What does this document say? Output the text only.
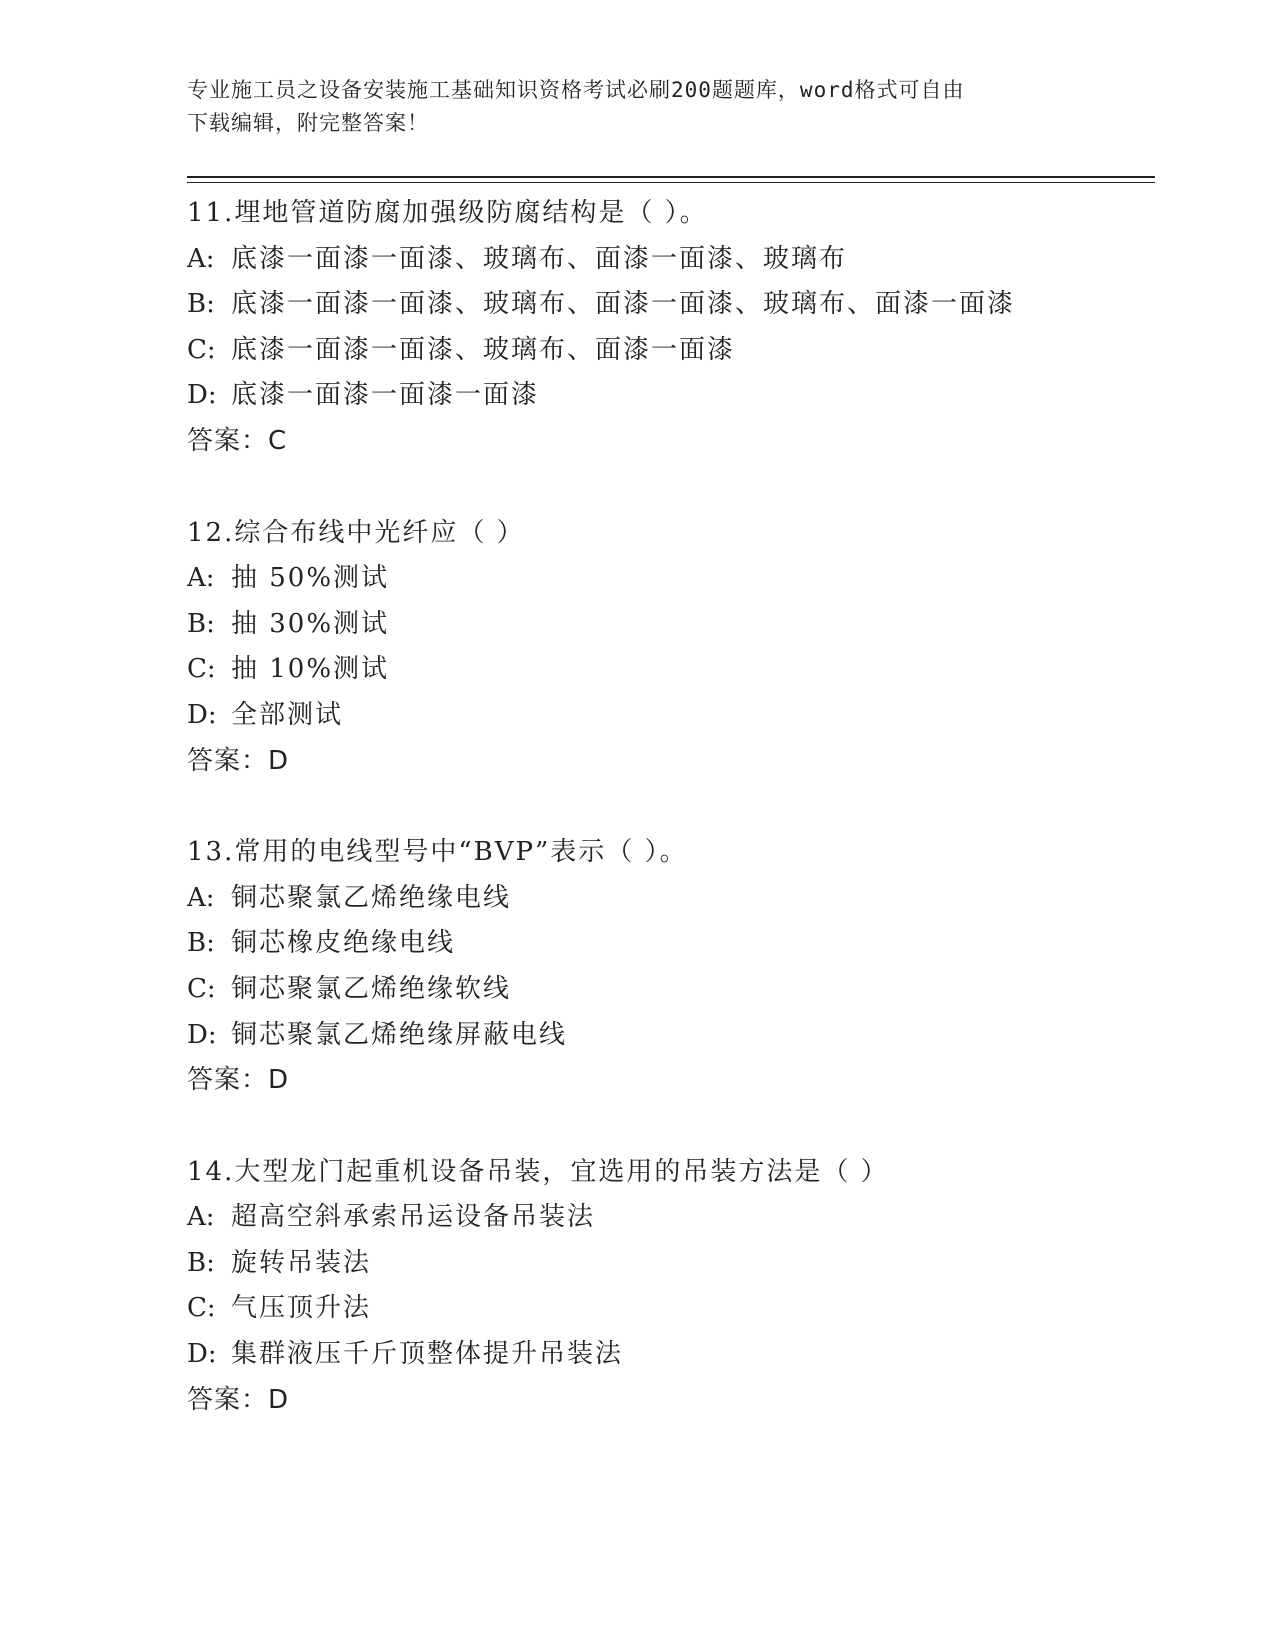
专业施工员之设备安装施工基础知识资格考试必刷200题题库，word格式可自由
下载编辑，附完整答案！
11.埋地管道防腐加强级防腐结构是（ ）。
A: 底漆一面漆一面漆、玻璃布、面漆一面漆、玻璃布
B: 底漆一面漆一面漆、玻璃布、面漆一面漆、玻璃布、面漆一面漆
C: 底漆一面漆一面漆、玻璃布、面漆一面漆
D: 底漆一面漆一面漆一面漆
答案：C
12.综合布线中光纤应（ ）
A: 抽 50%测试
B: 抽 30%测试
C: 抽 10%测试
D: 全部测试
答案：D
13.常用的电线型号中“BVP”表示（ ）。
A: 铜芯聚氯乙烯绝缘电线
B: 铜芯橡皮绝缘电线
C: 铜芯聚氯乙烯绝缘软线
D: 铜芯聚氯乙烯绝缘屏蔽电线
答案：D
14.大型龙门起重机设备吊装，宜选用的吊装方法是（ ）
A: 超高空斜承索吊运设备吊装法
B: 旋转吊装法
C: 气压顶升法
D: 集群液压千斤顶整体提升吊装法
答案：D
